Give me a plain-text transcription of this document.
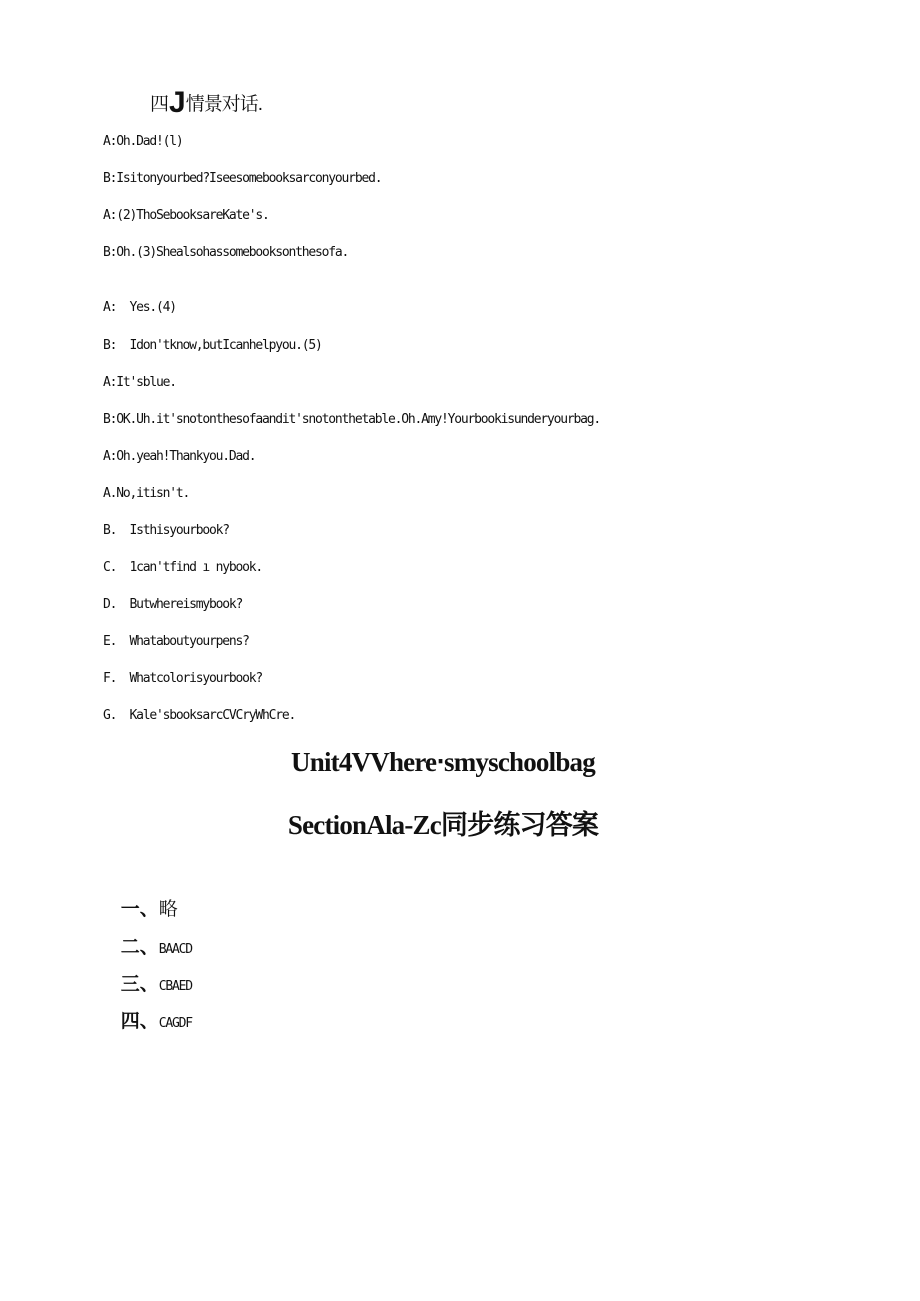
四J情景对话.
A:Oh.Dad!(l)
B:Isitonyourbed?Iseesomebooksarconyourbed.
A:(2)ThoSebooksareKate's.
B:Oh.(3)Shealsohassomebooksonthesofa.
A:  Yes.(4)
B:  Idon'tknow,butIcanhelpyou.(5)
A:It'sblue.
B:OK.Uh.it'snotonthesofaandit'snotonthetable.Oh.Amy!Yourbookisunderyourbag.
A:Oh.yeah!Thankyou.Dad.
A.No,itisn't.
B.  Isthisyourbook?
C.  1can'tfind ı nybook.
D.  Butwhereismybook?
E.  Whataboutyourpens?
F.  Whatcolorisyourbook?
G.  Kale'sbooksarcCVCryWhCre.
Unit4VVhere‧smyschoolbag
SectionAla-Zc同步练习答案

一、略

二、BAACD

三、CBAED

四、CAGDF
